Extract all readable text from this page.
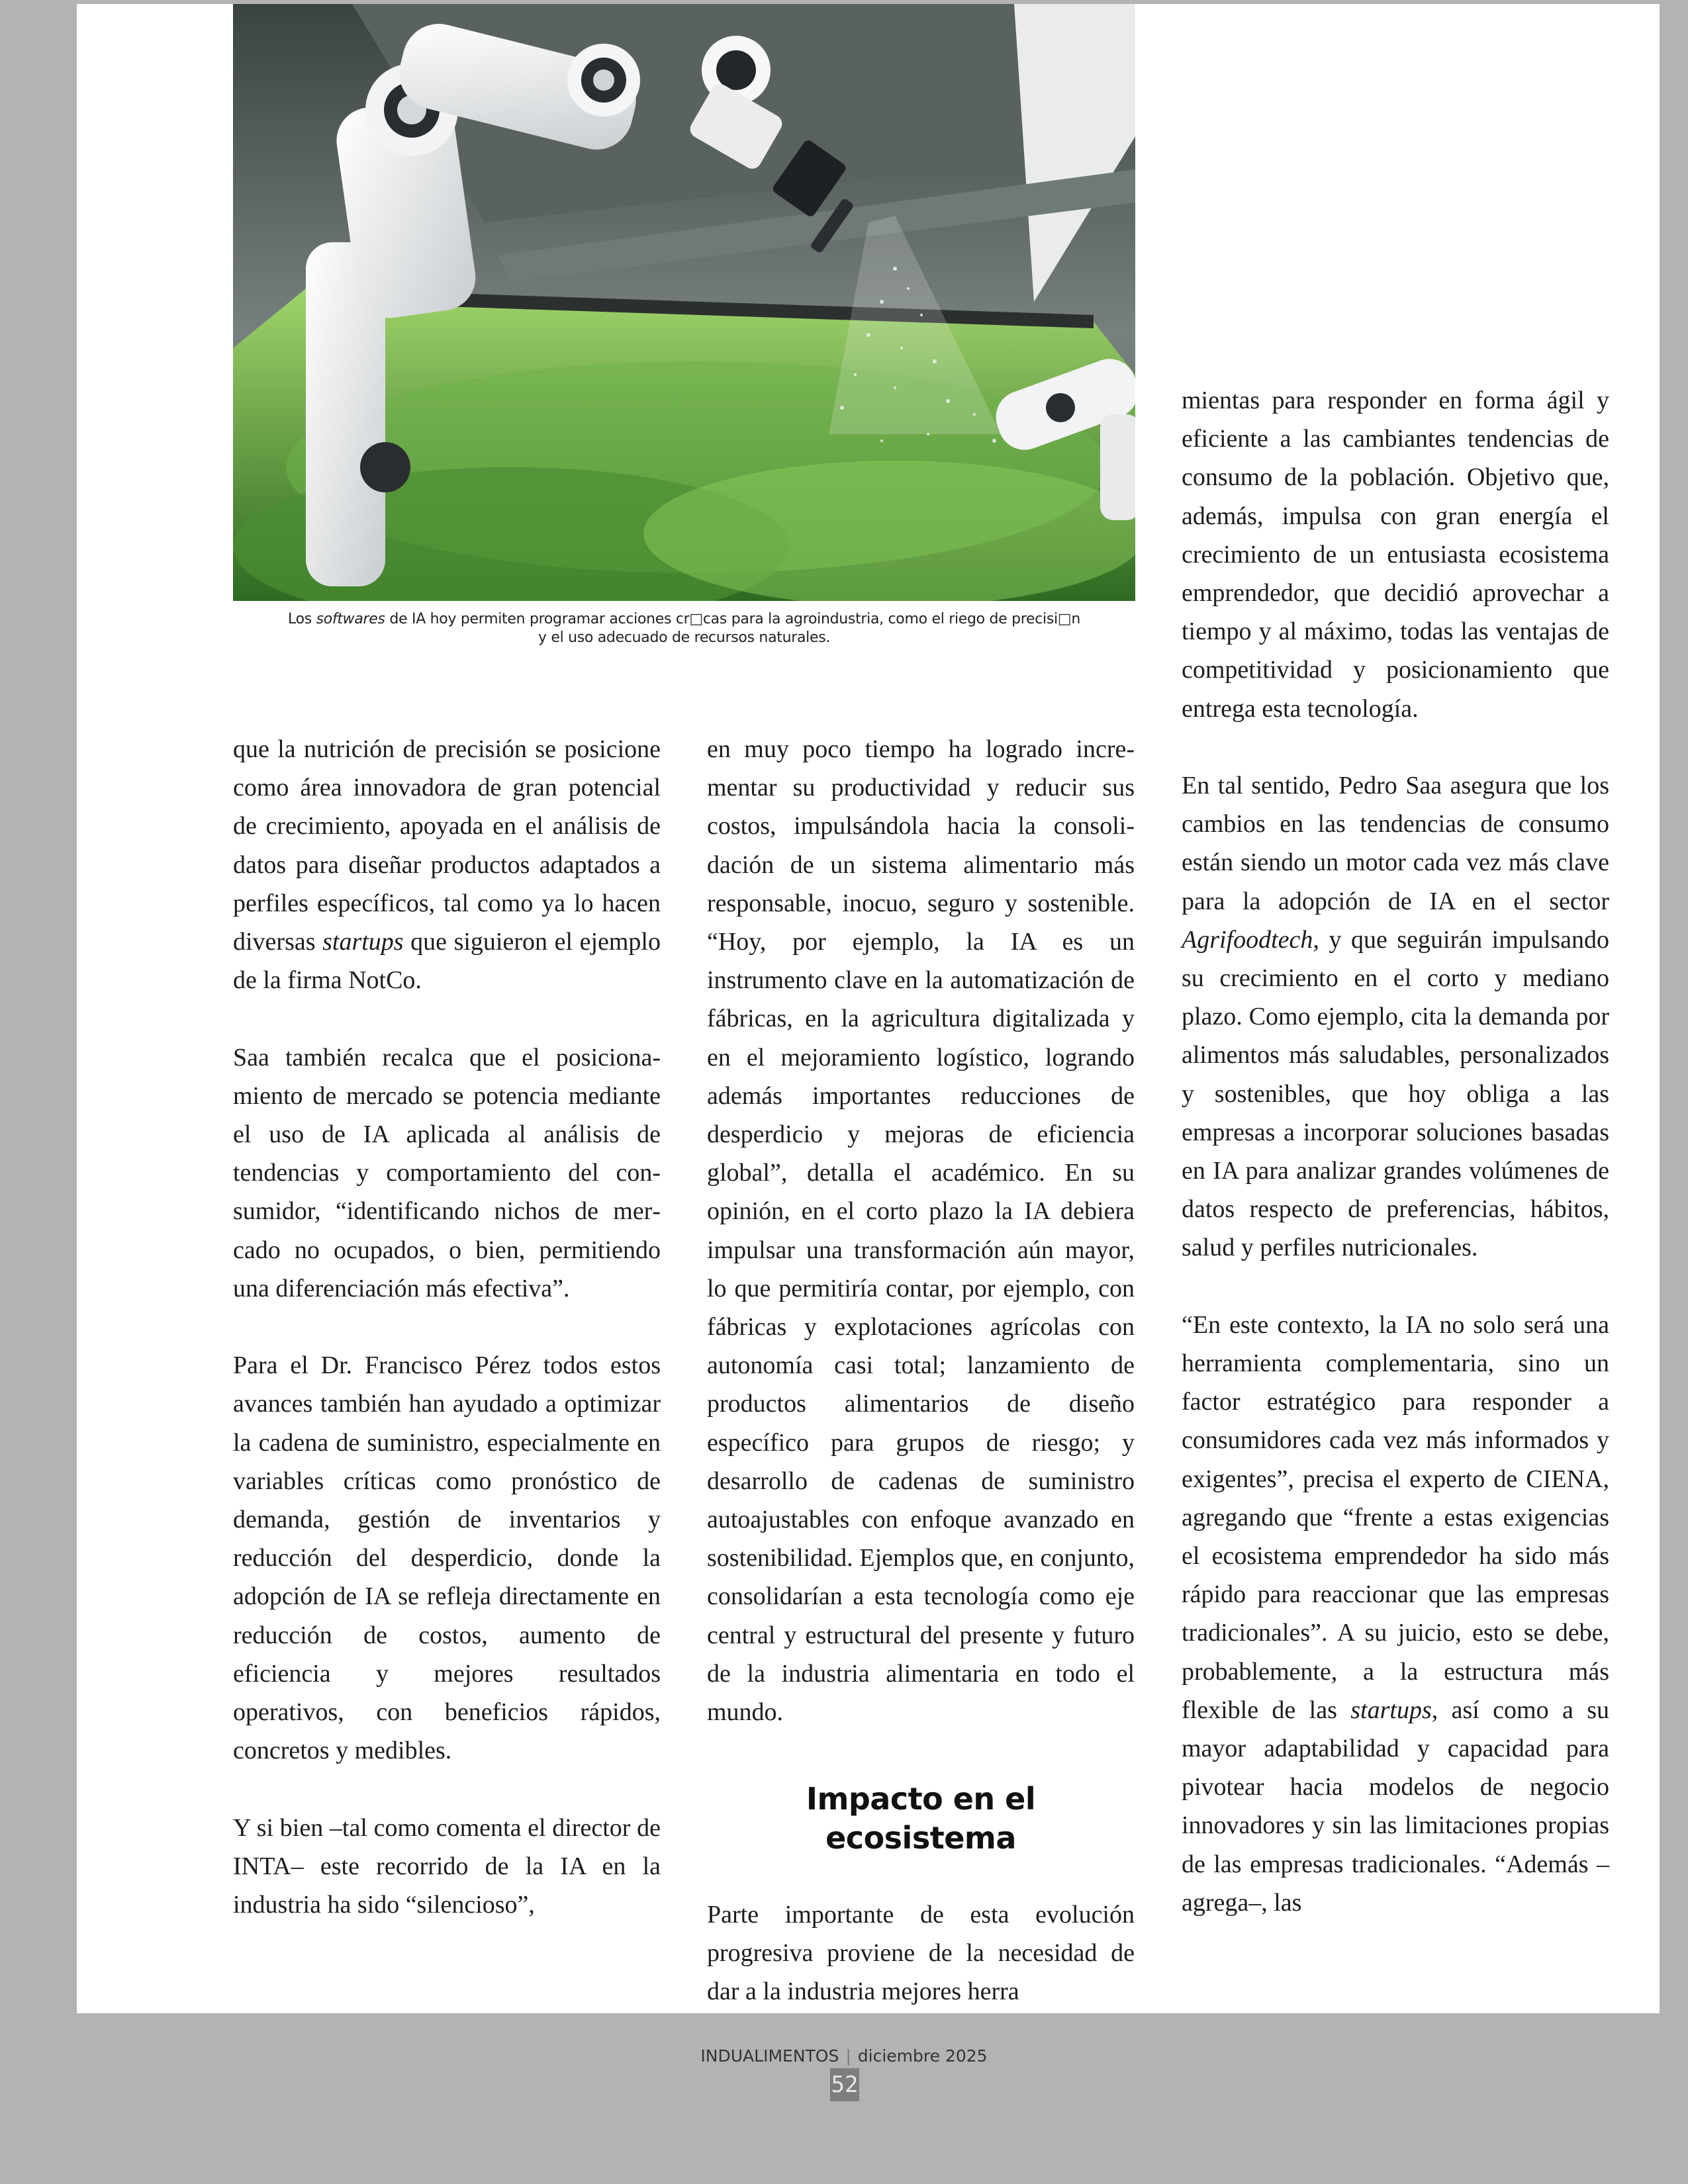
Los softwares de IA hoy permiten programar acciones cr□cas para la agroindustria, como el riego de precisi□n

y el uso adecuado de recursos naturales.

que la nutrición de precisión se posicione como área innovadora de gran potencial de crecimiento, apoyada en el análisis de datos para diseñar productos adaptados a perfiles específicos, tal como ya lo hacen diversas startups que siguieron el ejemplo de la firma NotCo.

Saa también recalca que el posicionamiento de mercado se potencia mediante el uso de IA aplicada al análisis de tendencias y comportamiento del consumidor, “identificando nichos de mercado no ocupados, o bien, permitiendo una diferenciación más efectiva”.

Para el Dr. Francisco Pérez todos estos avances también han ayudado a optimizar la cadena de suministro, especialmente en variables críticas como pronóstico de demanda, gestión de inventarios y reducción del desperdicio, donde la adopción de IA se refleja directamente en reducción de costos, aumento de eficiencia y mejores resultados operativos, con beneficios rápidos, concretos y medibles.

Y si bien –tal como comenta el director de INTA– este recorrido de la IA en la industria ha sido “silencioso”,

en muy poco tiempo ha logrado incrementar su productividad y reducir sus costos, impulsándola hacia la consolidación de un sistema alimentario más responsable, inocuo, seguro y sostenible. “Hoy, por ejemplo, la IA es un instrumento clave en la automatización de fábricas, en la agricultura digitalizada y en el mejoramiento logístico, logrando además importantes reducciones de desperdicio y mejoras de eficiencia global”, detalla el académico. En su opinión, en el corto plazo la IA debiera impulsar una transformación aún mayor, lo que permitiría contar, por ejemplo, con fábricas y explotaciones agrícolas con autonomía casi total; lanzamiento de productos alimentarios de diseño específico para grupos de riesgo; y desarrollo de cadenas de suministro autoajustables con enfoque avanzado en sostenibilidad. Ejemplos que, en conjunto, consolidarían a esta tecnología como eje central y estructural del presente y futuro de la industria alimentaria en todo el mundo.

Impacto en el ecosistema

Parte importante de esta evolución progresiva proviene de la necesidad de dar a la industria mejores herra

mientas para responder en forma ágil y eficiente a las cambiantes tendencias de consumo de la población. Objetivo que, además, impulsa con gran energía el crecimiento de un entusiasta ecosistema emprendedor, que decidió aprovechar a tiempo y al máximo, todas las ventajas de competitividad y posicionamiento que entrega esta tecnología.

En tal sentido, Pedro Saa asegura que los cambios en las tendencias de consumo están siendo un motor cada vez más clave para la adopción de IA en el sector Agrifoodtech, y que seguirán impulsando su crecimiento en el corto y mediano plazo. Como ejemplo, cita la demanda por alimentos más saludables, personalizados y sostenibles, que hoy obliga a las empresas a incorporar soluciones basadas en IA para analizar grandes volúmenes de datos respecto de preferencias, hábitos, salud y perfiles nutricionales.

“En este contexto, la IA no solo será una herramienta complementaria, sino un factor estratégico para responder a consumidores cada vez más informados y exigentes”, precisa el experto de CIENA, agregando que “frente a estas exigencias el ecosistema emprendedor ha sido más rápido para reaccionar que las empresas tradicionales”. A su juicio, esto se debe, probablemente, a la estructura más flexible de las startups, así como a su mayor adaptabilidad y capacidad para pivotear hacia modelos de negocio innovadores y sin las limitaciones propias de las empresas tradicionales. “Además –agrega–, las

INDUALIMENTOS | diciembre 2025
52
